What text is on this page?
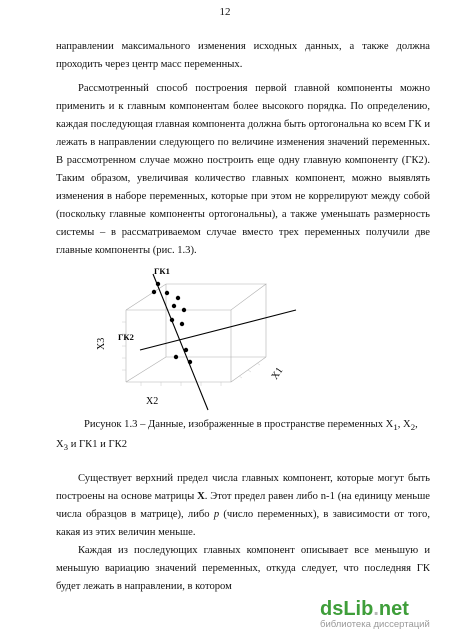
12

направлении максимального изменения исходных данных, а также должна проходить через центр масс переменных.

Рассмотренный способ построения первой главной компоненты можно применить и к главным компонентам более высокого порядка. По определению, каждая последующая главная компонента должна быть ортогональна ко всем ГК и лежать в направлении следующего по величине изменения значений переменных. В рассмотренном случае можно построить еще одну главную компоненту (ГК2). Таким образом, увеличивая количество главных компонент, можно выявлять изменения в наборе переменных, которые при этом не коррелируют между собой (поскольку главные компоненты ортогональны), а также уменьшать размерность системы – в рассматриваемом случае вместо трех переменных получили две главные компоненты (рис. 1.3).

ГК1
ГК2
X3
X1
X2

Рисунок 1.3 – Данные, изображенные в пространстве переменных $X_1$, $X_2$, $X_3$ и ГК1 и ГК2

Существует верхний предел числа главных компонент, которые могут быть построены на основе матрицы X. Этот предел равен либо n-1 (на единицу меньше числа образцов в матрице), либо p (число переменных), в зависимости от того, какая из этих величин меньше.

Каждая из последующих главных компонент описывает все меньшую и меньшую вариацию значений переменных, откуда следует, что последняя ГК будет лежать в направлении, в котором

dsLib.net
библиотека диссертаций
